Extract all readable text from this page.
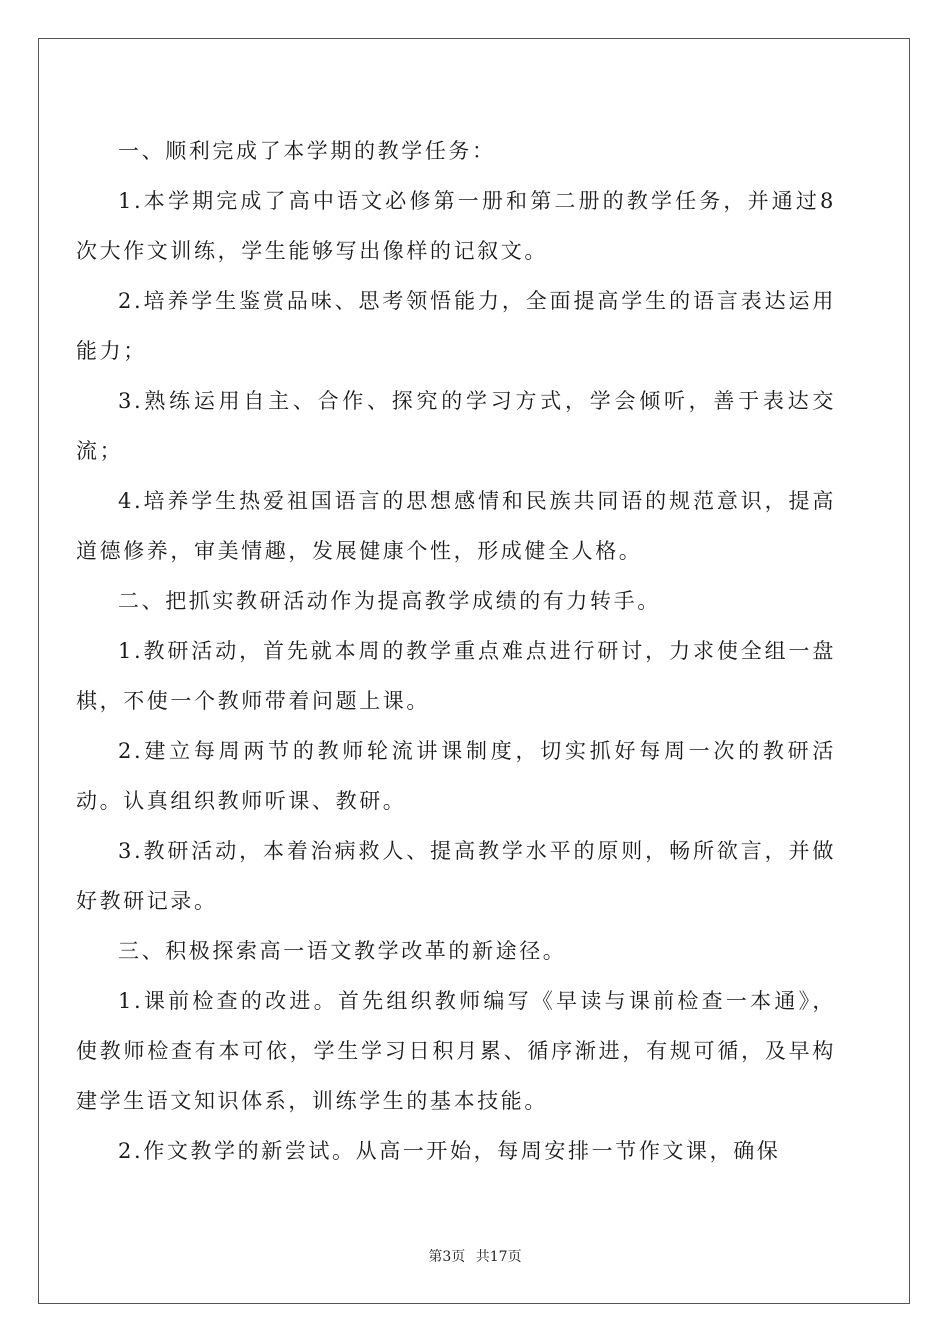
一、顺利完成了本学期的教学任务：

1.本学期完成了高中语文必修第一册和第二册的教学任务，并通过8次大作文训练，学生能够写出像样的记叙文。

2.培养学生鉴赏品味、思考领悟能力，全面提高学生的语言表达运用能力；

3.熟练运用自主、合作、探究的学习方式，学会倾听，善于表达交流；

4.培养学生热爱祖国语言的思想感情和民族共同语的规范意识，提高道德修养，审美情趣，发展健康个性，形成健全人格。

二、把抓实教研活动作为提高教学成绩的有力转手。

1.教研活动，首先就本周的教学重点难点进行研讨，力求使全组一盘棋，不使一个教师带着问题上课。

2.建立每周两节的教师轮流讲课制度，切实抓好每周一次的教研活动。认真组织教师听课、教研。

3.教研活动，本着治病救人、提高教学水平的原则，畅所欲言，并做好教研记录。

三、积极探索高一语文教学改革的新途径。

1.课前检查的改进。首先组织教师编写《早读与课前检查一本通》，使教师检查有本可依，学生学习日积月累、循序渐进，有规可循，及早构建学生语文知识体系，训练学生的基本技能。

2.作文教学的新尝试。从高一开始，每周安排一节作文课，确保

第3页 共17页
